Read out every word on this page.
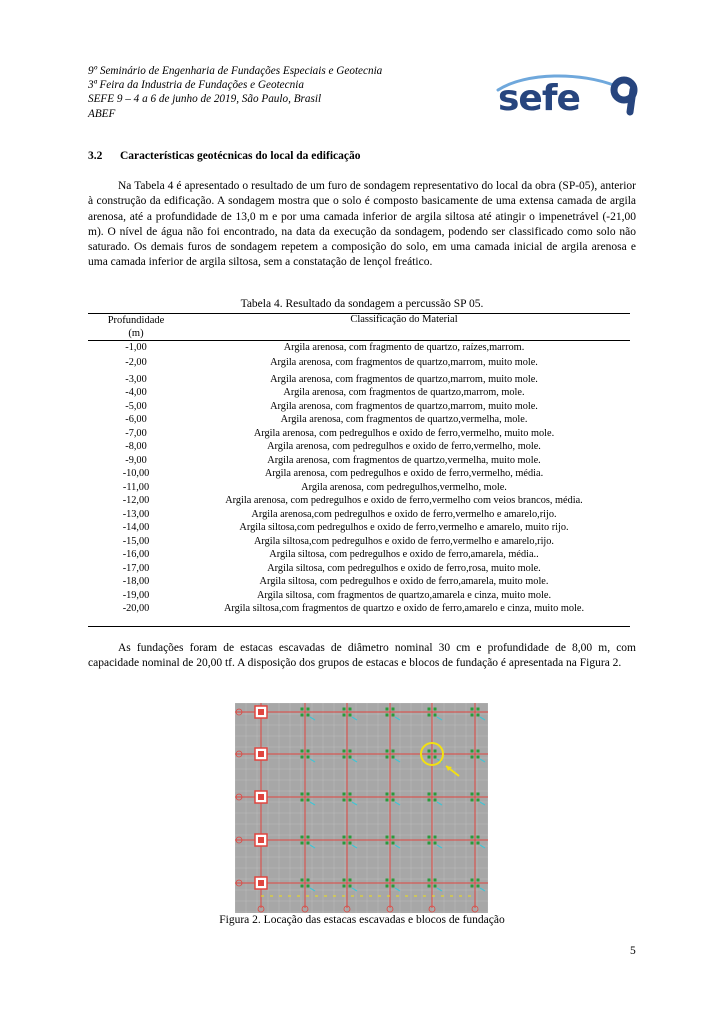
9º Seminário de Engenharia de Fundações Especiais e Geotecnia
3ª Feira da Industria de Fundações e Geotecnia
SEFE 9 – 4 a 6 de junho de 2019, São Paulo, Brasil
ABEF	sefe
3.2 Características geotécnicas do local da edificação
Na Tabela 4 é apresentado o resultado de um furo de sondagem representativo do local da obra (SP-05), anterior à construção da edificação. A sondagem mostra que o solo é composto basicamente de uma extensa camada de argila arenosa, até a profundidade de 13,0 m e por uma camada inferior de argila siltosa até atingir o impenetrável (-21,00 m). O nível de água não foi encontrado, na data da execução da sondagem, podendo ser classificado como solo não saturado. Os demais furos de sondagem repetem a composição do solo, em uma camada inicial de argila arenosa e uma camada inferior de argila siltosa, sem a constatação de lençol freático.
Tabela 4. Resultado da sondagem a percussão SP 05.
Profundidade
(m)
Classificação do Material
-1,00	Argila arenosa, com fragmento de quartzo, raízes,marrom.
-2,00	Argila arenosa, com fragmentos de quartzo,marrom, muito mole.
-3,00	Argila arenosa, com fragmentos de quartzo,marrom, muito mole.
-4,00	Argila arenosa, com fragmentos de quartzo,marrom, mole.
-5,00	Argila arenosa, com fragmentos de quartzo,marrom, muito mole.
-6,00	Argila arenosa, com fragmentos de quartzo,vermelha, mole.
-7,00	Argila arenosa, com pedregulhos e oxido de ferro,vermelho, muito mole.
-8,00	Argila arenosa, com pedregulhos e oxido de ferro,vermelho, mole.
-9,00	Argila arenosa, com fragmentos de quartzo,vermelha, muito mole.
-10,00	Argila arenosa, com pedregulhos e oxido de ferro,vermelho, média.
-11,00	Argila arenosa, com pedregulhos,vermelho, mole.
-12,00	Argila arenosa, com pedregulhos e oxido de ferro,vermelho com veios brancos, média.
-13,00	Argila arenosa,com pedregulhos e oxido de ferro,vermelho e amarelo,rijo.
-14,00	Argila siltosa,com pedregulhos e oxido de ferro,vermelho e amarelo, muito rijo.
-15,00	Argila siltosa,com pedregulhos e oxido de ferro,vermelho e amarelo,rijo.
-16,00	Argila siltosa, com pedregulhos e oxido de ferro,amarela, média..
-17,00	Argila siltosa, com pedregulhos e oxido de ferro,rosa, muito mole.
-18,00	Argila siltosa, com pedregulhos e oxido de ferro,amarela, muito mole.
-19,00	Argila siltosa, com fragmentos de quartzo,amarela e cinza, muito mole.
-20,00	Argila siltosa,com fragmentos de quartzo e oxido de ferro,amarelo e cinza, muito mole.
As fundações foram de estacas escavadas de diâmetro nominal 30 cm e profundidade de 8,00 m, com capacidade nominal de 20,00 tf. A disposição dos grupos de estacas e blocos de fundação é apresentada na Figura 2.
Figura 2. Locação das estacas escavadas e blocos de fundação
5
